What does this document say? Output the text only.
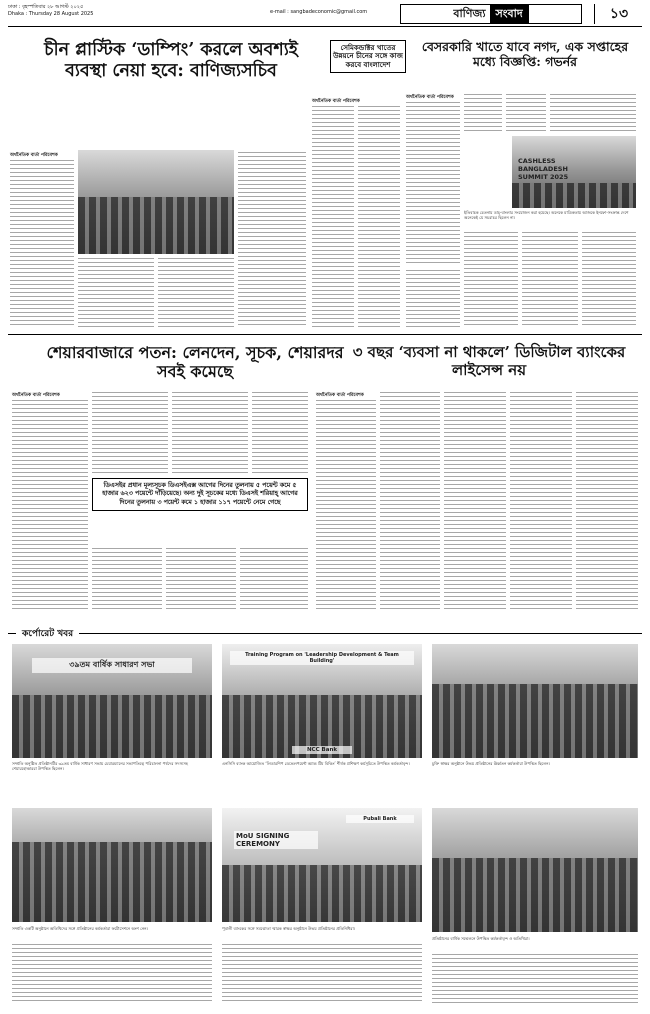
ঢাকা : বৃহস্পতিবার ২৮ আগস্ট ২০২৫
Dhaka : Thursday 28 August 2025	e-mail : sangbadeconomic@gmail.com	বাণিজ্য সংবাদ	১৩
চীন প্লাস্টিক ‘ডাম্পিং’ করলে অবশ্যই ব্যবস্থা নেয়া হবে: বাণিজ্যসচিব
অর্থনৈতিক বার্তা পরিবেশক
সেমিকন্ডাক্টর খাতের উন্নয়নে চীনের সঙ্গে কাজ করবে বাংলাদেশ
অর্থনৈতিক বার্তা পরিবেশক
বেসরকারি খাতে যাবে নগদ, এক সপ্তাহের মধ্যে বিজ্ঞপ্তি: গভর্নর
অর্থনৈতিক বার্তা পরিবেশক
CASHLESS BANGLADESH SUMMIT 2025
ইতিবাচক চেতনায় ডাচ্-বাংলার সংযোজন করা হয়েছে। অনেকে মাত্রিকতায় আজকে ইনফো-সংক্রান্ত দেশে অনেকেই যে সচরাচর ছিলেন না।
শেয়ারবাজারে পতন: লেনদেন, সূচক, শেয়ারদর সবই কমেছে
অর্থনৈতিক বার্তা পরিবেশক
ডিএসইর প্রধান মূল্যসূচক ডিএসইএক্স আগের দিনের তুলনায় ৫ পয়েন্ট কমে ৫ হাজার ৬২৩ পয়েন্টে দাঁড়িয়েছে। অন্য দুই সূচকের মধ্যে ডিএসই শরিয়াহ্ আগের দিনের তুলনায় ৩ পয়েন্ট কমে ১ হাজার ১১৭ পয়েন্টে নেমে গেছে
৩ বছর ‘ব্যবসা না থাকলে’ ডিজিটাল ব্যাংকের লাইসেন্স নয়
অর্থনৈতিক বার্তা পরিবেশক
কর্পোরেট খবর
৩৯তম বার্ষিক সাধারণ সভা
Training Program on 'Leadership Development & Team Building'
NCC Bank
সম্প্রতি অনুষ্ঠিত প্রতিষ্ঠানটির ৩৯তম বার্ষিক সাধারণ সভায় চেয়ারম্যানের সভাপতিত্বে পরিচালনা পর্ষদের সদস্যসহ শেয়ারহোল্ডাররা উপস্থিত ছিলেন।
এনসিসি ব্যাংক আয়োজিত ‘লিডারশিপ ডেভেলপমেন্ট অ্যান্ড টিম বিল্ডিং’ শীর্ষক প্রশিক্ষণ কর্মসূচিতে উপস্থিত কর্মকর্তাবৃন্দ।	চুক্তি স্বাক্ষর অনুষ্ঠানে উভয় প্রতিষ্ঠানের ঊর্ধ্বতন কর্মকর্তারা উপস্থিত ছিলেন।
MoU SIGNING CEREMONY
Pubali Bank
সম্প্রতি একটি অনুষ্ঠানে অতিথিদের সঙ্গে প্রতিষ্ঠানের কর্মকর্তারা ফটোসেশনে অংশ নেন।	পূবালী ব্যাংকের সঙ্গে সমঝোতা স্মারক স্বাক্ষর অনুষ্ঠানে উভয় প্রতিষ্ঠানের প্রতিনিধিরা।
প্রতিষ্ঠানের বার্ষিক সম্মেলনে উপস্থিত কর্মকর্তাবৃন্দ ও অতিথিরা।
